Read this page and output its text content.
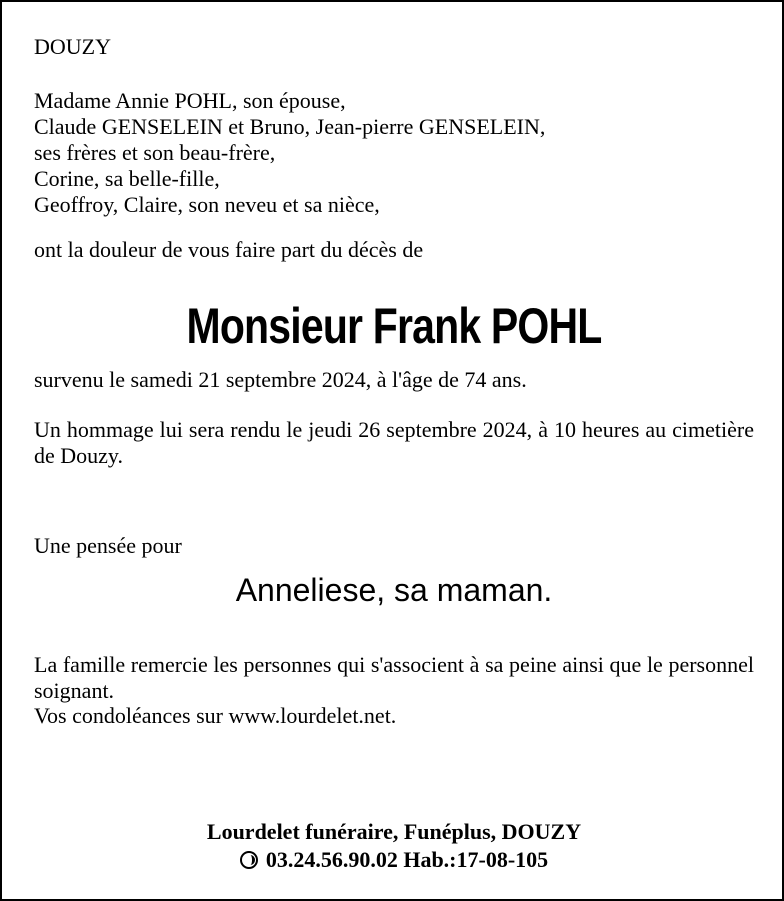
DOUZY

Madame Annie POHL, son épouse,
Claude GENSELEIN et Bruno, Jean-pierre GENSELEIN,
ses frères et son beau-frère,
Corine, sa belle-fille,
Geoffroy, Claire, son neveu et sa nièce,

ont la douleur de vous faire part du décès de

Monsieur Frank POHL

survenu le samedi 21 septembre 2024, à l'âge de 74 ans.

Un hommage lui sera rendu le jeudi 26 septembre 2024, à 10 heures au cimetière de Douzy.

Une pensée pour

Anneliese, sa maman.

La famille remercie les personnes qui s'associent à sa peine ainsi que le personnel soignant.

Vos condoléances sur www.lourdelet.net.

Lourdelet funéraire, Funéplus, DOUZY

03.24.56.90.02 Hab.:17-08-105
